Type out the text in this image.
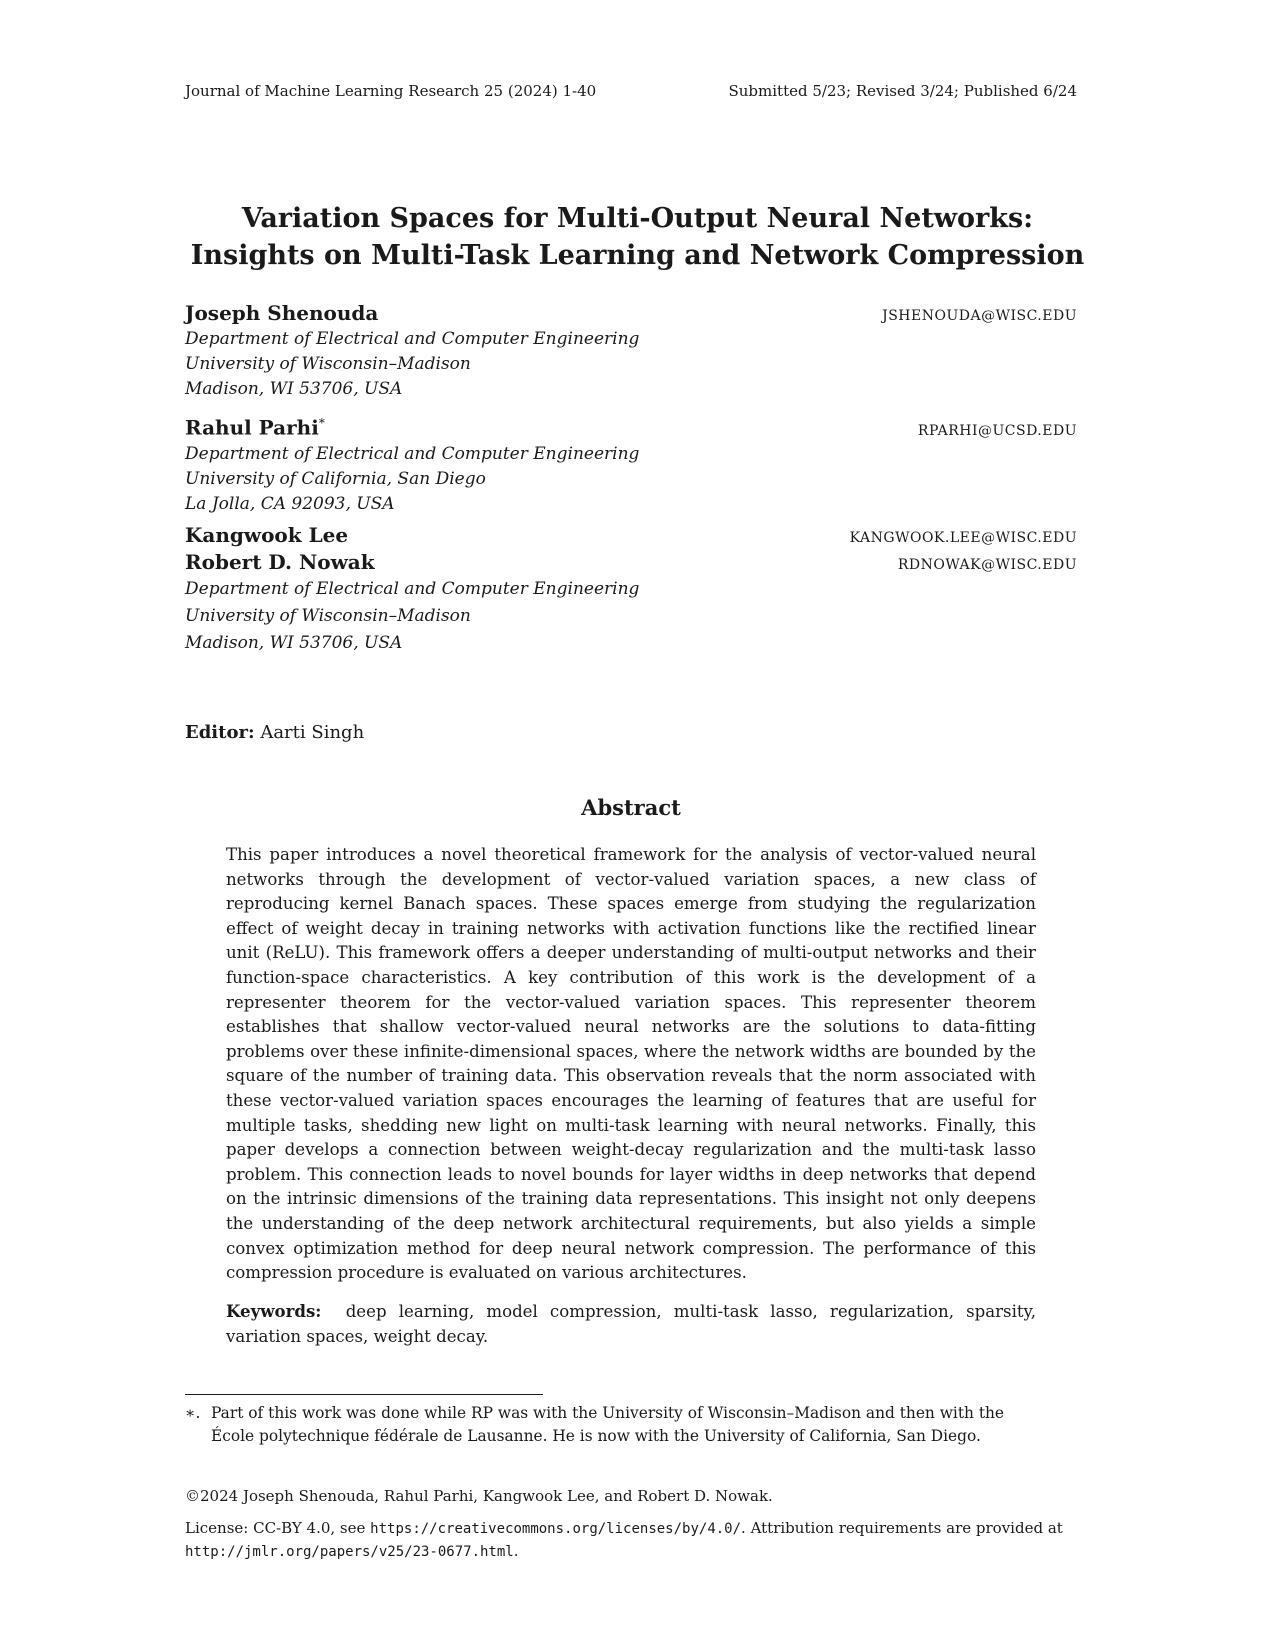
Journal of Machine Learning Research 25 (2024) 1-40	Submitted 5/23; Revised 3/24; Published 6/24
Variation Spaces for Multi-Output Neural Networks:
Insights on Multi-Task Learning and Network Compression
Joseph Shenouda	JSHENOUDA@WISC.EDU
Department of Electrical and Computer Engineering
University of Wisconsin–Madison
Madison, WI 53706, USA
Rahul Parhi*	RPARHI@UCSD.EDU
Department of Electrical and Computer Engineering
University of California, San Diego
La Jolla, CA 92093, USA
Kangwook Lee	KANGWOOK.LEE@WISC.EDU
Robert D. Nowak	RDNOWAK@WISC.EDU
Department of Electrical and Computer Engineering
University of Wisconsin–Madison
Madison, WI 53706, USA
Editor: Aarti Singh
Abstract
This paper introduces a novel theoretical framework for the analysis of vector-valued neural networks through the development of vector-valued variation spaces, a new class of reproducing kernel Banach spaces. These spaces emerge from studying the regularization effect of weight decay in training networks with activation functions like the rectified linear unit (ReLU). This framework offers a deeper understanding of multi-output networks and their function-space characteristics. A key contribution of this work is the development of a representer theorem for the vector-valued variation spaces. This representer theorem establishes that shallow vector-valued neural networks are the solutions to data-fitting problems over these infinite-dimensional spaces, where the network widths are bounded by the square of the number of training data. This observation reveals that the norm associated with these vector-valued variation spaces encourages the learning of features that are useful for multiple tasks, shedding new light on multi-task learning with neural networks. Finally, this paper develops a connection between weight-decay regularization and the multi-task lasso problem. This connection leads to novel bounds for layer widths in deep networks that depend on the intrinsic dimensions of the training data representations. This insight not only deepens the understanding of the deep network architectural requirements, but also yields a simple convex optimization method for deep neural network compression. The performance of this compression procedure is evaluated on various architectures.
Keywords: deep learning, model compression, multi-task lasso, regularization, sparsity, variation spaces, weight decay.
∗. Part of this work was done while RP was with the University of Wisconsin–Madison and then with the
École polytechnique fédérale de Lausanne. He is now with the University of California, San Diego.
©2024 Joseph Shenouda, Rahul Parhi, Kangwook Lee, and Robert D. Nowak.
License: CC-BY 4.0, see https://creativecommons.org/licenses/by/4.0/. Attribution requirements are provided at http://jmlr.org/papers/v25/23-0677.html.
